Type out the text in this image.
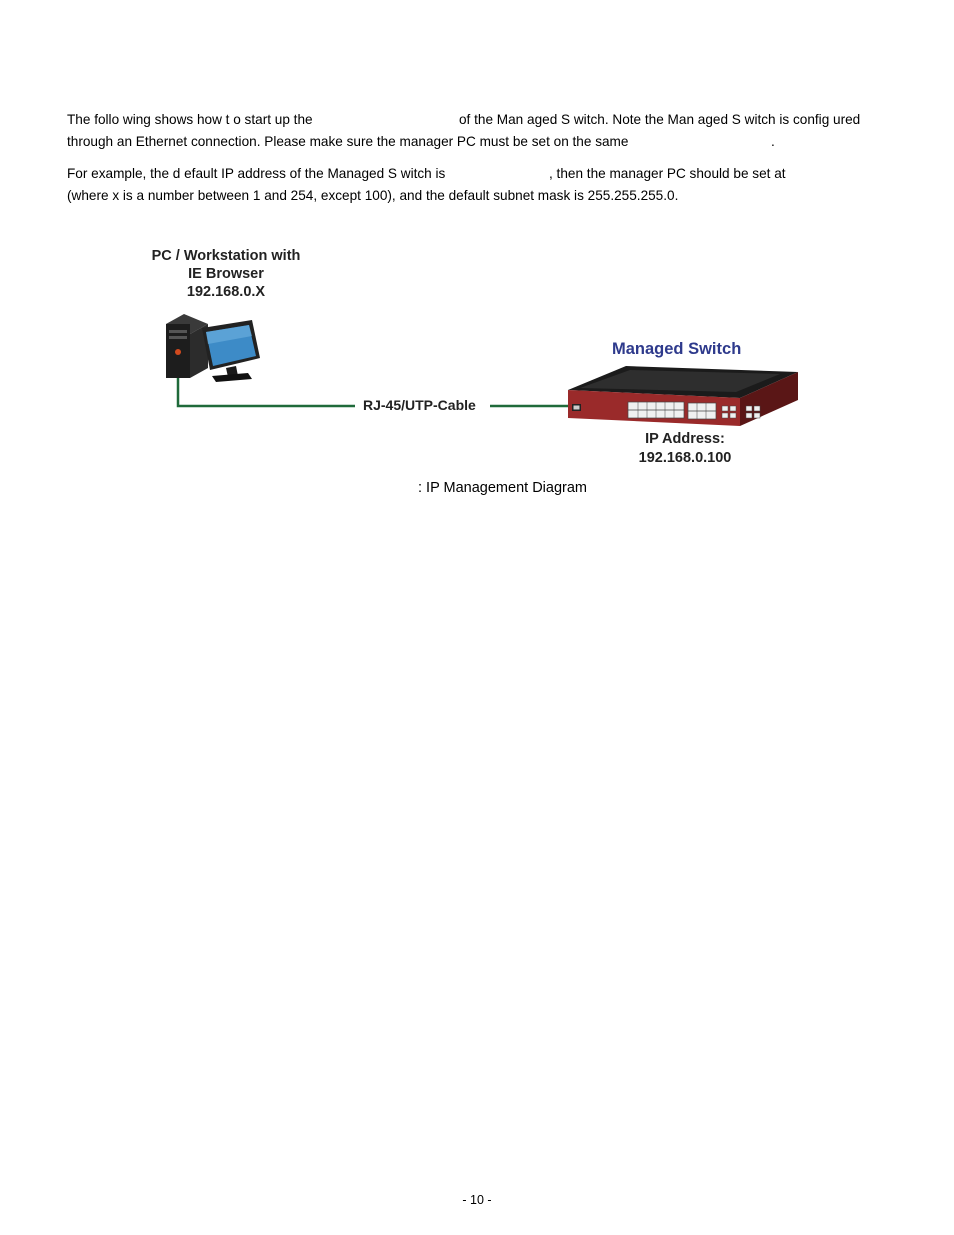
The follo wing shows how t o start up the	of the Man aged S witch. Note the Man aged S witch is config ured
through an Ethernet connection. Please make sure the manager PC must be set on the same	.
For example, the d efault IP address of the Managed S witch is	, then the manager PC should be set at
(where x is a number between 1 and 254, except 100), and the default subnet mask is 255.255.255.0.
PC / Workstation with
IE Browser
192.168.0.X
Managed Switch
RJ-45/UTP-Cable
IP Address:
192.168.0.100
: IP Management Diagram
- 10 -
